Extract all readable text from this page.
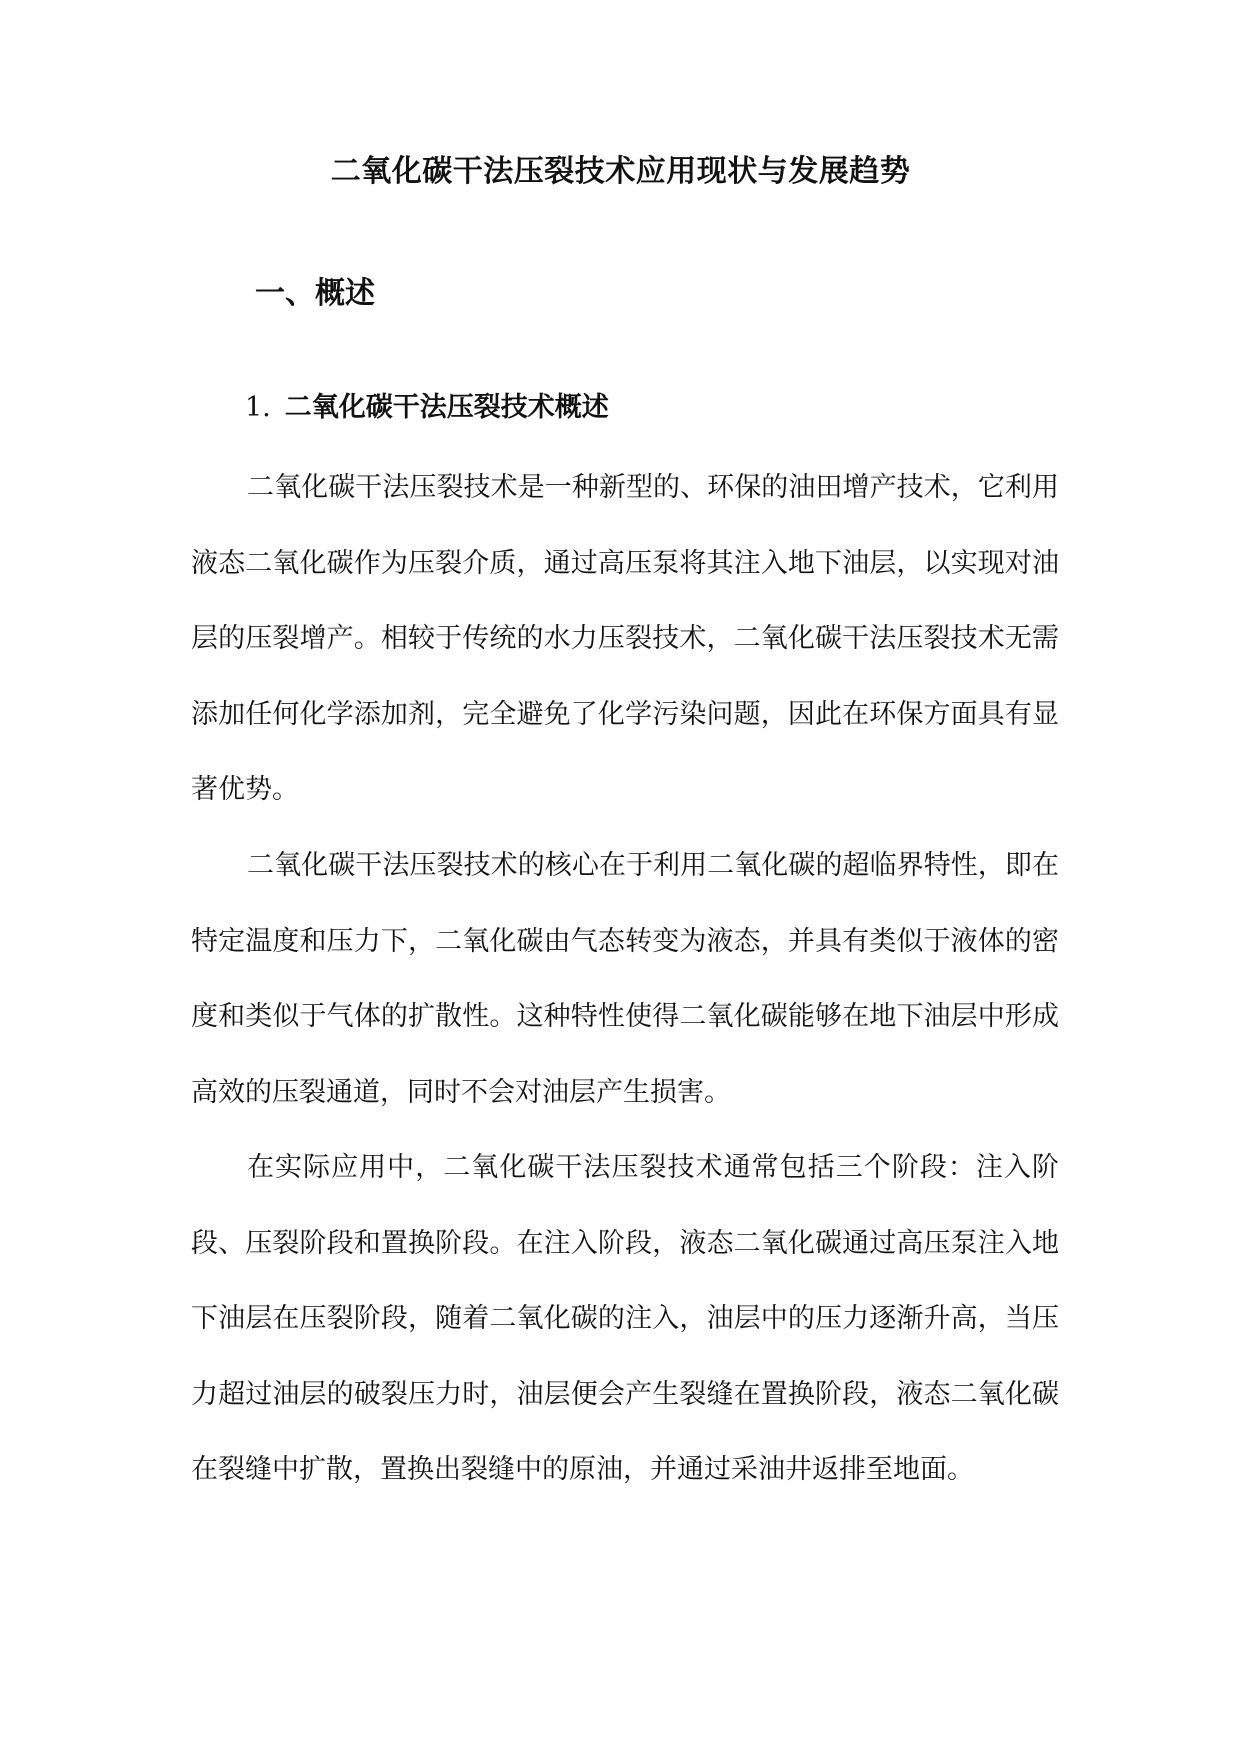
二氧化碳干法压裂技术应用现状与发展趋势
一、概述
1. 二氧化碳干法压裂技术概述

二氧化碳干法压裂技术是一种新型的、环保的油田增产技术，它利用液态二氧化碳作为压裂介质，通过高压泵将其注入地下油层，以实现对油层的压裂增产。相较于传统的水力压裂技术，二氧化碳干法压裂技术无需添加任何化学添加剂，完全避免了化学污染问题，因此在环保方面具有显著优势。

二氧化碳干法压裂技术的核心在于利用二氧化碳的超临界特性，即在特定温度和压力下，二氧化碳由气态转变为液态，并具有类似于液体的密度和类似于气体的扩散性。这种特性使得二氧化碳能够在地下油层中形成高效的压裂通道，同时不会对油层产生损害。

在实际应用中，二氧化碳干法压裂技术通常包括三个阶段：注入阶段、压裂阶段和置换阶段。在注入阶段，液态二氧化碳通过高压泵注入地下油层在压裂阶段，随着二氧化碳的注入，油层中的压力逐渐升高，当压力超过油层的破裂压力时，油层便会产生裂缝在置换阶段，液态二氧化碳在裂缝中扩散，置换出裂缝中的原油，并通过采油井返排至地面。
